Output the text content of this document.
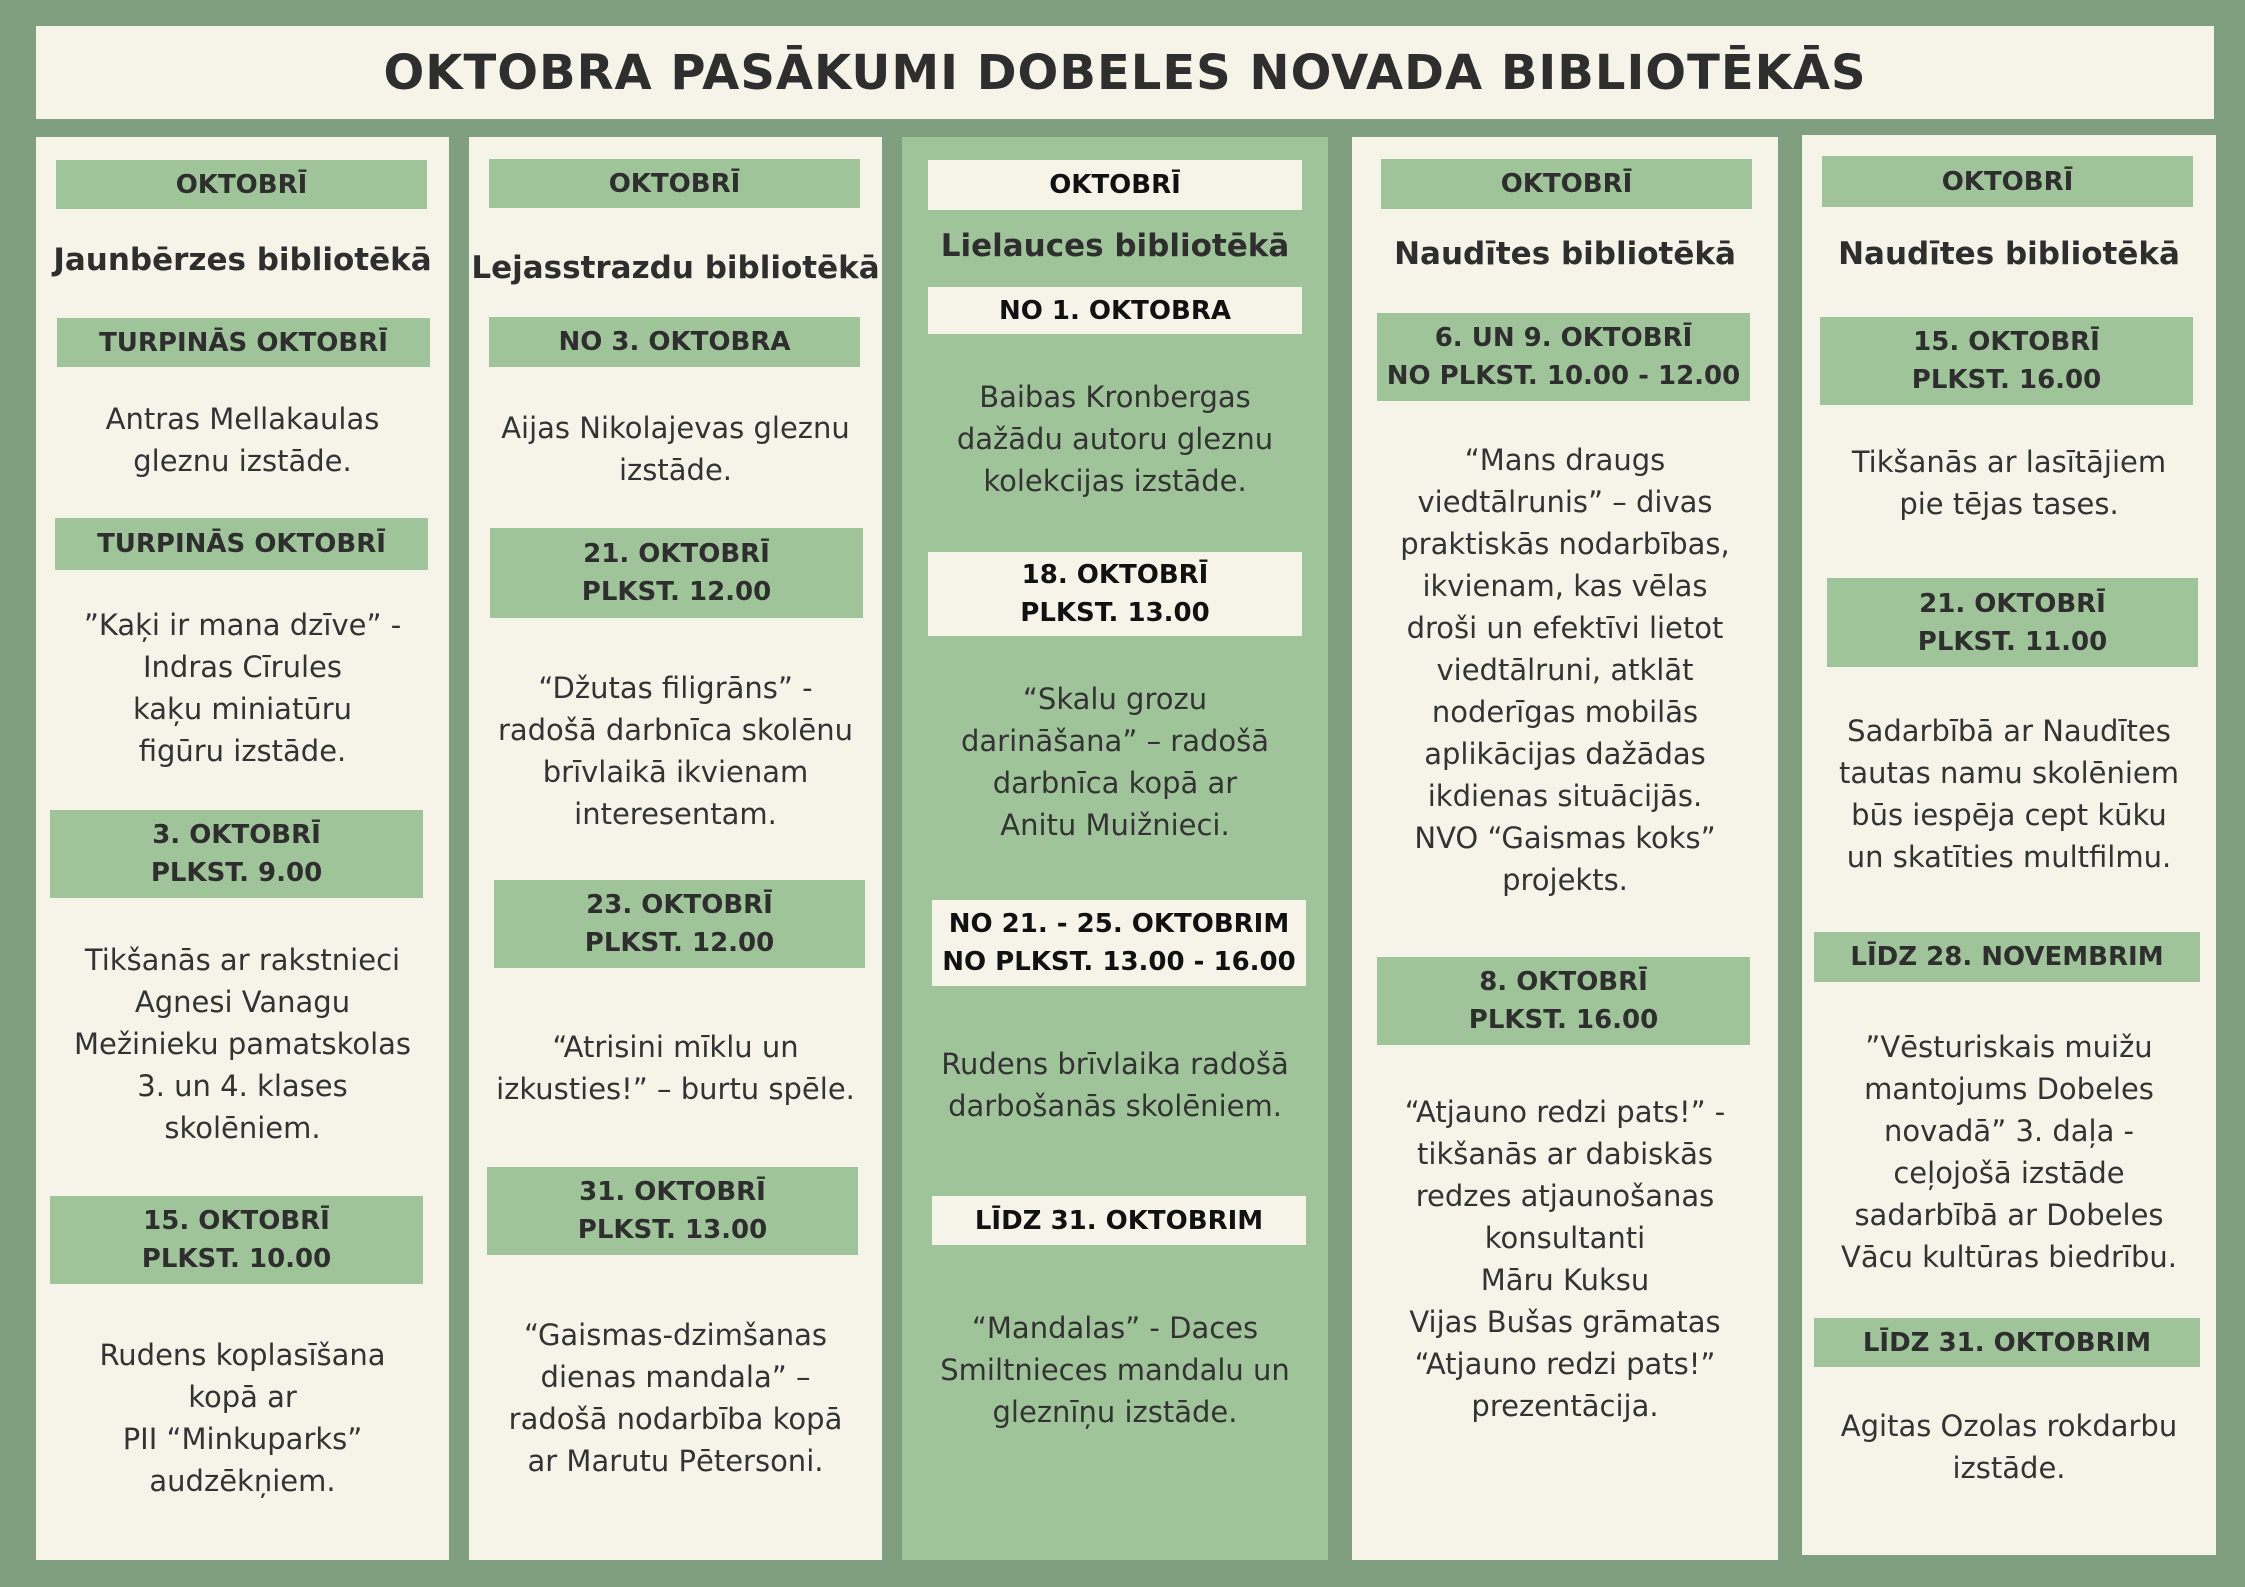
OKTOBRA PASĀKUMI DOBELES NOVADA BIBLIOTĒKĀS
OKTOBRĪ
Jaunbērzes bibliotēkā
TURPINĀS OKTOBRĪ
Antras Mellakaulas
gleznu izstāde.
TURPINĀS OKTOBRĪ
”Kaķi ir mana dzīve” -
Indras Cīrules
kaķu miniatūru
figūru izstāde.
3. OKTOBRĪ
PLKST. 9.00
Tikšanās ar rakstnieci
Agnesi Vanagu
Mežinieku pamatskolas
3. un 4. klases
skolēniem.
15. OKTOBRĪ
PLKST. 10.00
Rudens koplasīšana
kopā ar
PII “Minkuparks”
audzēkņiem.
OKTOBRĪ
Lejasstrazdu bibliotēkā
NO 3. OKTOBRA
Aijas Nikolajevas gleznu
izstāde.
21. OKTOBRĪ
PLKST. 12.00
“Džutas filigrāns” -
radošā darbnīca skolēnu
brīvlaikā ikvienam
interesentam.
23. OKTOBRĪ
PLKST. 12.00
“Atrisini mīklu un
izkusties!” – burtu spēle.
31. OKTOBRĪ
PLKST. 13.00
“Gaismas-dzimšanas
dienas mandala” –
radošā nodarbība kopā
ar Marutu Pētersoni.
OKTOBRĪ
Lielauces bibliotēkā
NO 1. OKTOBRA
Baibas Kronbergas
dažādu autoru gleznu
kolekcijas izstāde.
18. OKTOBRĪ
PLKST. 13.00
“Skalu grozu
darināšana” – radošā
darbnīca kopā ar
Anitu Muižnieci.
NO 21. - 25. OKTOBRIM
NO PLKST. 13.00 - 16.00
Rudens brīvlaika radošā
darbošanās skolēniem.
LĪDZ 31. OKTOBRIM
“Mandalas” - Daces
Smiltnieces mandalu un
gleznīņu izstāde.
OKTOBRĪ
Naudītes bibliotēkā
6. UN 9. OKTOBRĪ
NO PLKST. 10.00 - 12.00
“Mans draugs
viedtālrunis” – divas
praktiskās nodarbības,
ikvienam, kas vēlas
droši un efektīvi lietot
viedtālruni, atklāt
noderīgas mobilās
aplikācijas dažādas
ikdienas situācijās.
NVO “Gaismas koks”
projekts.
8. OKTOBRĪ
PLKST. 16.00
“Atjauno redzi pats!” -
tikšanās ar dabiskās
redzes atjaunošanas
konsultanti
Māru Kuksu
Vijas Bušas grāmatas
“Atjauno redzi pats!”
prezentācija.
OKTOBRĪ
Naudītes bibliotēkā
15. OKTOBRĪ
PLKST. 16.00
Tikšanās ar lasītājiem
pie tējas tases.
21. OKTOBRĪ
PLKST. 11.00
Sadarbībā ar Naudītes
tautas namu skolēniem
būs iespēja cept kūku
un skatīties multfilmu.
LĪDZ 28. NOVEMBRIM
”Vēsturiskais muižu
mantojums Dobeles
novadā” 3. daļa -
ceļojošā izstāde
sadarbībā ar Dobeles
Vācu kultūras biedrību.
LĪDZ 31. OKTOBRIM
Agitas Ozolas rokdarbu
izstāde.
